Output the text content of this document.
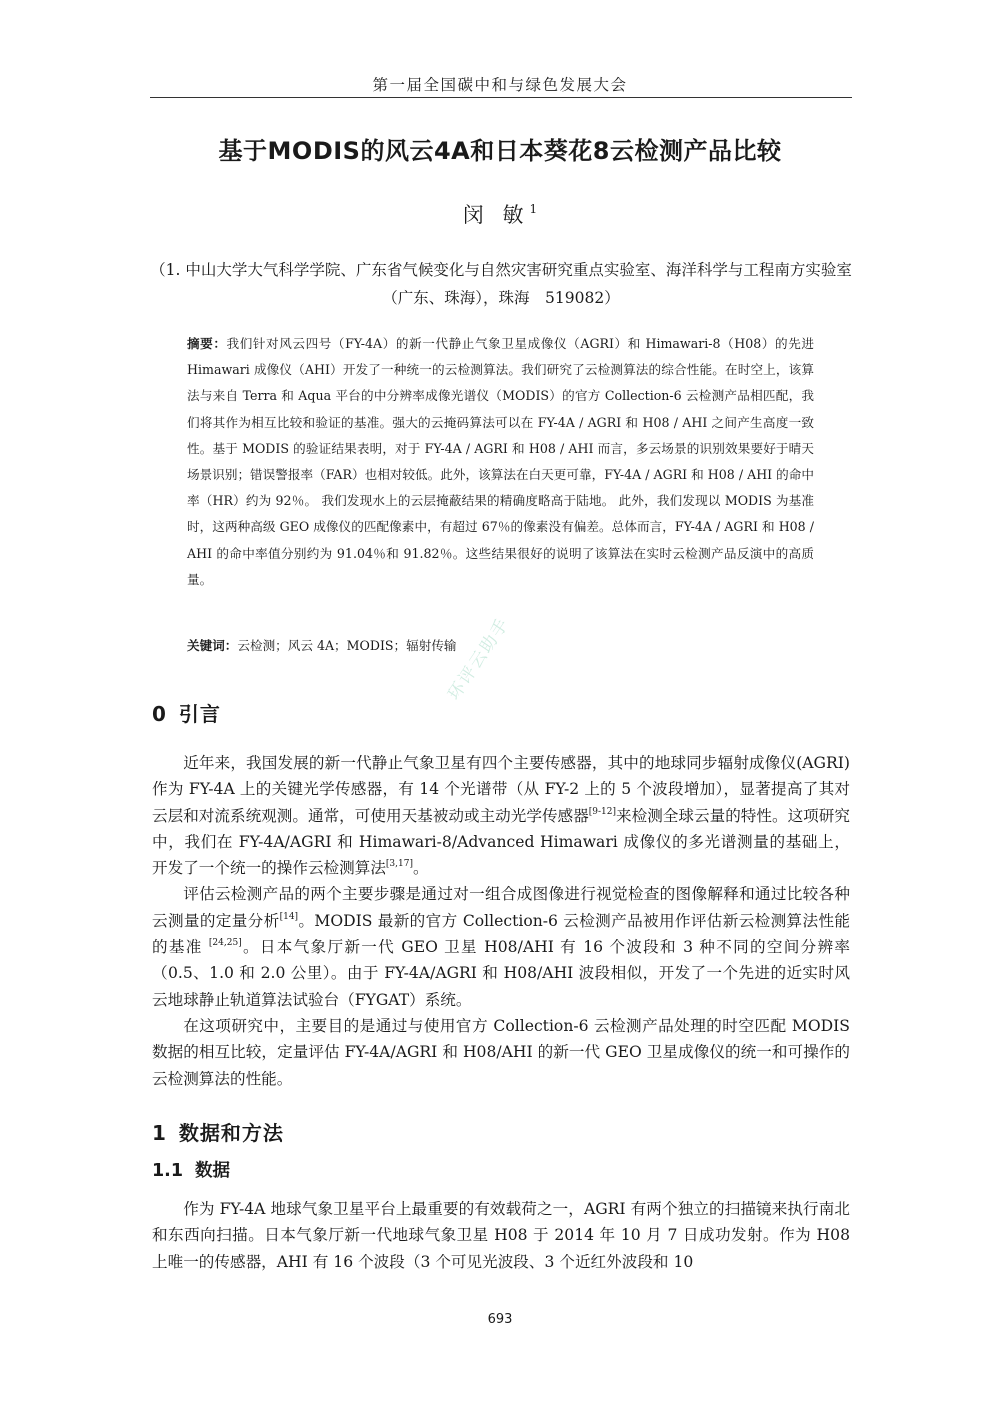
第一届全国碳中和与绿色发展大会
基于MODIS的风云4A和日本葵花8云检测产品比较
闵 敏$^1$
（1. 中山大学大气科学学院、广东省气候变化与自然灾害研究重点实验室、海洋科学与工程南方实验室（广东、珠海），珠海　519082）
摘要：我们针对风云四号（FY-4A）的新一代静止气象卫星成像仪（AGRI）和 Himawari-8（H08）的先进 Himawari 成像仪（AHI）开发了一种统一的云检测算法。我们研究了云检测算法的综合性能。在时空上，该算法与来自 Terra 和 Aqua 平台的中分辨率成像光谱仪（MODIS）的官方 Collection-6 云检测产品相匹配，我们将其作为相互比较和验证的基准。强大的云掩码算法可以在 FY-4A / AGRI 和 H08 / AHI 之间产生高度一致性。基于 MODIS 的验证结果表明，对于 FY-4A / AGRI 和 H08 / AHI 而言，多云场景的识别效果要好于晴天场景识别；错误警报率（FAR）也相对较低。此外，该算法在白天更可靠，FY-4A / AGRI 和 H08 / AHI 的命中率（HR）约为 92％。 我们发现水上的云层掩蔽结果的精确度略高于陆地。 此外，我们发现以 MODIS 为基准时，这两种高级 GEO 成像仪的匹配像素中，有超过 67％的像素没有偏差。总体而言，FY-4A / AGRI 和 H08 / AHI 的命中率值分别约为 91.04％和 91.82％。这些结果很好的说明了该算法在实时云检测产品反演中的高质量。
关键词：云检测；风云 4A；MODIS；辐射传输
环评云助手
0 引言

近年来，我国发展的新一代静止气象卫星有四个主要传感器，其中的地球同步辐射成像仪(AGRI)作为 FY-4A 上的关键光学传感器，有 14 个光谱带（从 FY-2 上的 5 个波段增加），显著提高了其对云层和对流系统观测。通常，可使用天基被动或主动光学传感器[9-12]来检测全球云量的特性。这项研究中，我们在 FY-4A/AGRI 和 Himawari-8/Advanced Himawari 成像仪的多光谱测量的基础上，开发了一个统一的操作云检测算法[3,17]。

评估云检测产品的两个主要步骤是通过对一组合成图像进行视觉检查的图像解释和通过比较各种云测量的定量分析[14]。MODIS 最新的官方 Collection-6 云检测产品被用作评估新云检测算法性能的基准 [24,25]。日本气象厅新一代 GEO 卫星 H08/AHI 有 16 个波段和 3 种不同的空间分辨率（0.5、1.0 和 2.0 公里）。由于 FY-4A/AGRI 和 H08/AHI 波段相似，开发了一个先进的近实时风云地球静止轨道算法试验台（FYGAT）系统。

在这项研究中，主要目的是通过与使用官方 Collection-6 云检测产品处理的时空匹配 MODIS 数据的相互比较，定量评估 FY-4A/AGRI 和 H08/AHI 的新一代 GEO 卫星成像仪的统一和可操作的云检测算法的性能。

1 数据和方法
1.1 数据

作为 FY-4A 地球气象卫星平台上最重要的有效载荷之一，AGRI 有两个独立的扫描镜来执行南北和东西向扫描。日本气象厅新一代地球气象卫星 H08 于 2014 年 10 月 7 日成功发射。作为 H08 上唯一的传感器，AHI 有 16 个波段（3 个可见光波段、3 个近红外波段和 10

693
